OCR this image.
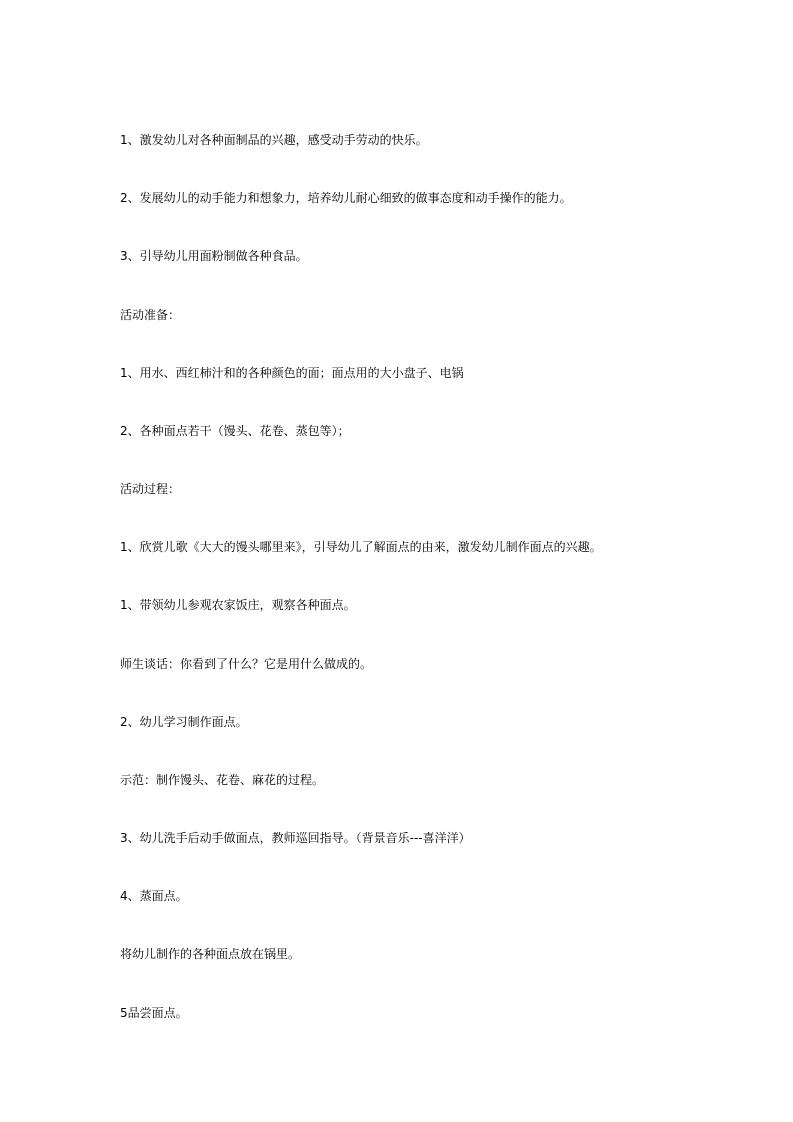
1、激发幼儿对各种面制品的兴趣，感受动手劳动的快乐。

2、发展幼儿的动手能力和想象力，培养幼儿耐心细致的做事态度和动手操作的能力。

3、引导幼儿用面粉制做各种食品。

活动准备：

1、用水、西红柿汁和的各种颜色的面；面点用的大小盘子、电锅

2、各种面点若干（馒头、花卷、蒸包等）；

活动过程：

1、欣赏儿歌《大大的馒头哪里来》，引导幼儿了解面点的由来，激发幼儿制作面点的兴趣。

1、带领幼儿参观农家饭庄，观察各种面点。

师生谈话：你看到了什么？它是用什么做成的。

2、幼儿学习制作面点。

示范：制作馒头、花卷、麻花的过程。

3、幼儿洗手后动手做面点，教师巡回指导。（背景音乐---喜洋洋）

4、蒸面点。

将幼儿制作的各种面点放在锅里。

5品尝面点。
